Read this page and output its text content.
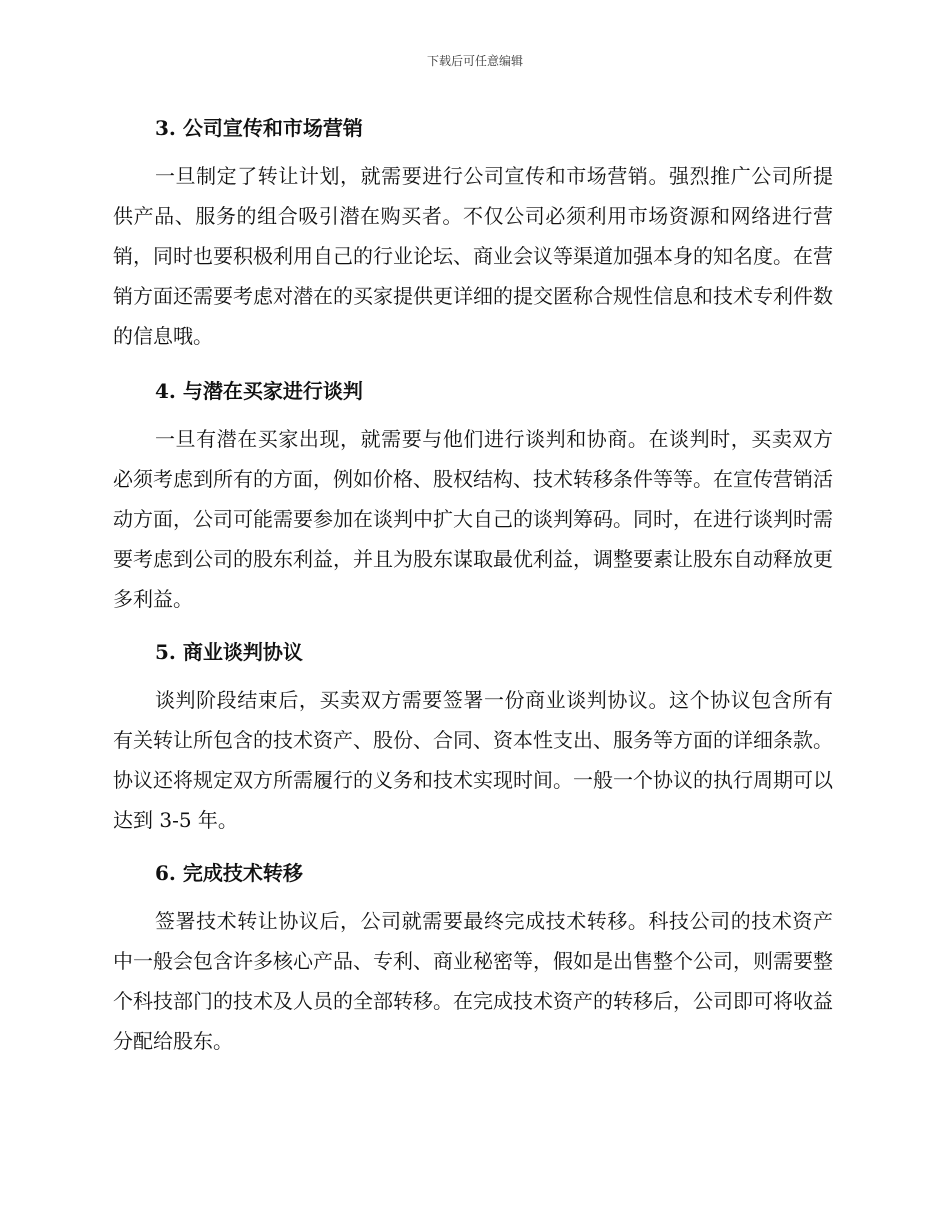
下载后可任意编辑
3. 公司宣传和市场营销

一旦制定了转让计划，就需要进行公司宣传和市场营销。强烈推广公司所提供产品、服务的组合吸引潜在购买者。不仅公司必须利用市场资源和网络进行营销，同时也要积极利用自己的行业论坛、商业会议等渠道加强本身的知名度。在营销方面还需要考虑对潜在的买家提供更详细的提交匿称合规性信息和技术专利件数的信息哦。

4. 与潜在买家进行谈判

一旦有潜在买家出现，就需要与他们进行谈判和协商。在谈判时，买卖双方必须考虑到所有的方面，例如价格、股权结构、技术转移条件等等。在宣传营销活动方面，公司可能需要参加在谈判中扩大自己的谈判筹码。同时，在进行谈判时需要考虑到公司的股东利益，并且为股东谋取最优利益，调整要素让股东自动释放更多利益。

5. 商业谈判协议

谈判阶段结束后，买卖双方需要签署一份商业谈判协议。这个协议包含所有有关转让所包含的技术资产、股份、合同、资本性支出、服务等方面的详细条款。协议还将规定双方所需履行的义务和技术实现时间。一般一个协议的执行周期可以达到 3-5 年。

6. 完成技术转移

签署技术转让协议后，公司就需要最终完成技术转移。科技公司的技术资产中一般会包含许多核心产品、专利、商业秘密等，假如是出售整个公司，则需要整个科技部门的技术及人员的全部转移。在完成技术资产的转移后，公司即可将收益分配给股东。
